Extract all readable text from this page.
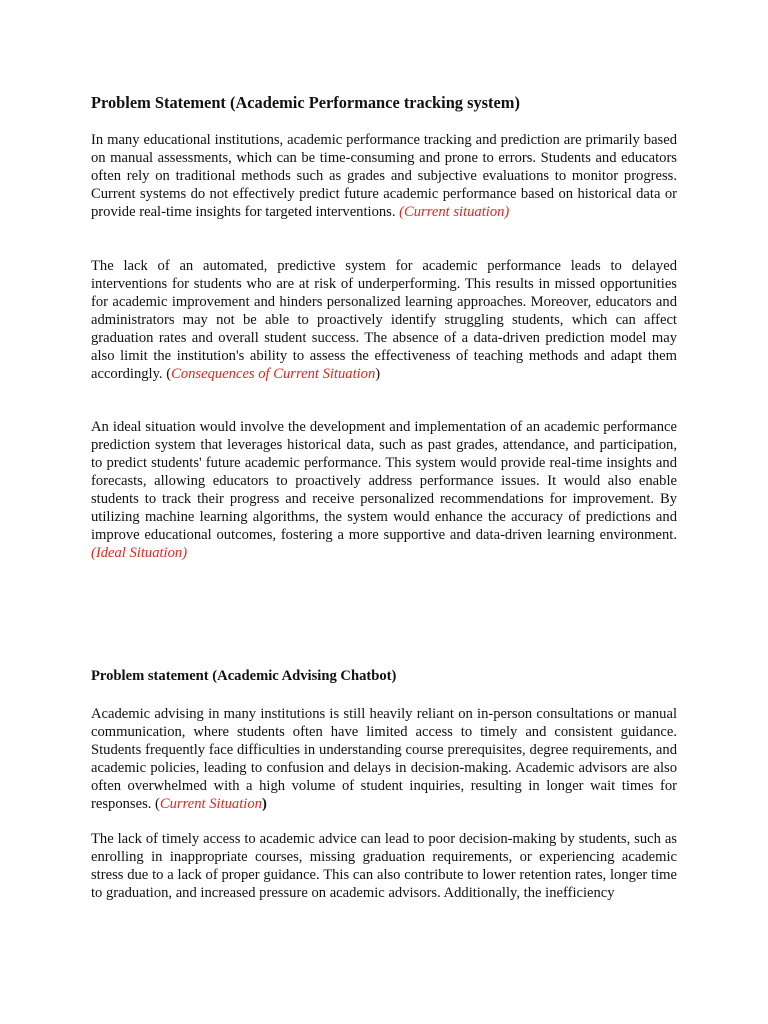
Problem Statement (Academic Performance tracking system)

In many educational institutions, academic performance tracking and prediction are primarily based on manual assessments, which can be time-consuming and prone to errors. Students and educators often rely on traditional methods such as grades and subjective evaluations to monitor progress. Current systems do not effectively predict future academic performance based on historical data or provide real-time insights for targeted interventions. (Current situation)

The lack of an automated, predictive system for academic performance leads to delayed interventions for students who are at risk of underperforming. This results in missed opportunities for academic improvement and hinders personalized learning approaches. Moreover, educators and administrators may not be able to proactively identify struggling students, which can affect graduation rates and overall student success. The absence of a data-driven prediction model may also limit the institution's ability to assess the effectiveness of teaching methods and adapt them accordingly. (Consequences of Current Situation)

An ideal situation would involve the development and implementation of an academic performance prediction system that leverages historical data, such as past grades, attendance, and participation, to predict students' future academic performance. This system would provide real-time insights and forecasts, allowing educators to proactively address performance issues. It would also enable students to track their progress and receive personalized recommendations for improvement. By utilizing machine learning algorithms, the system would enhance the accuracy of predictions and improve educational outcomes, fostering a more supportive and data-driven learning environment. (Ideal Situation)

Problem statement (Academic Advising Chatbot)

Academic advising in many institutions is still heavily reliant on in-person consultations or manual communication, where students often have limited access to timely and consistent guidance. Students frequently face difficulties in understanding course prerequisites, degree requirements, and academic policies, leading to confusion and delays in decision-making. Academic advisors are also often overwhelmed with a high volume of student inquiries, resulting in longer wait times for responses. (Current Situation)

The lack of timely access to academic advice can lead to poor decision-making by students, such as enrolling in inappropriate courses, missing graduation requirements, or experiencing academic stress due to a lack of proper guidance. This can also contribute to lower retention rates, longer time to graduation, and increased pressure on academic advisors. Additionally, the inefficiency
